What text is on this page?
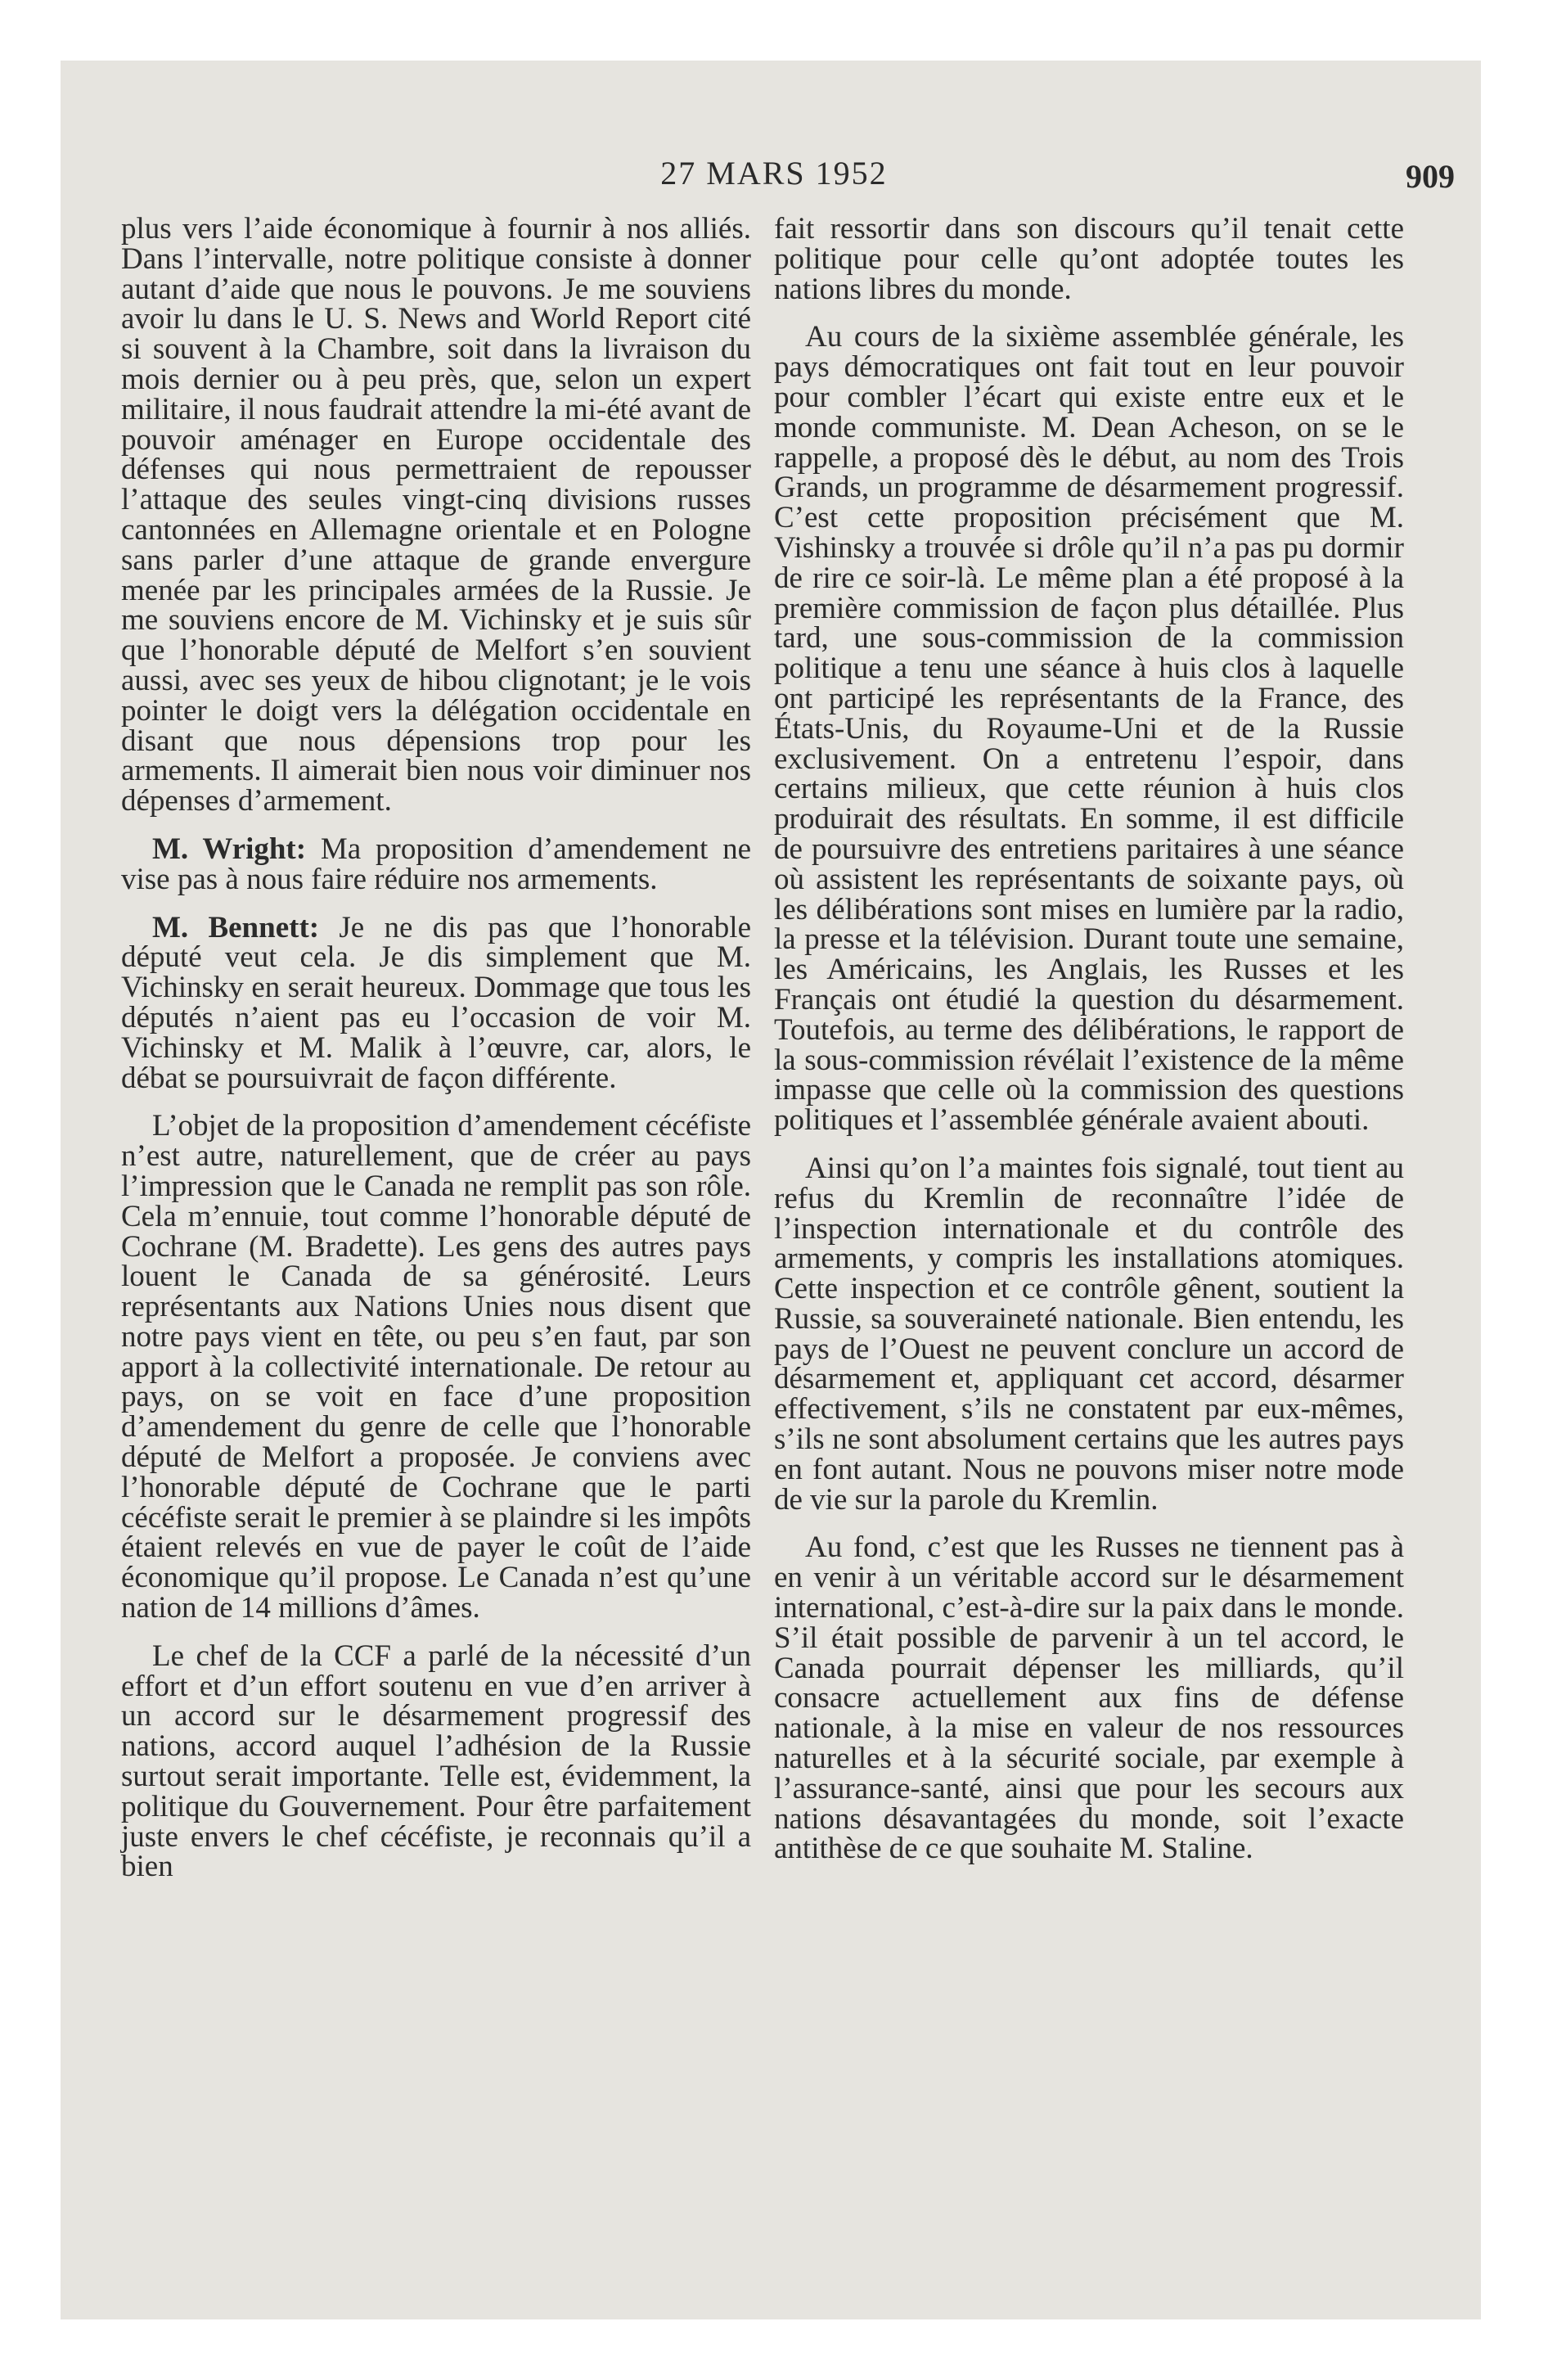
27 MARS 1952	909

plus vers l’aide économique à fournir à nos alliés. Dans l’intervalle, notre politique consiste à donner autant d’aide que nous le pouvons. Je me souviens avoir lu dans le U. S. News and World Report cité si souvent à la Chambre, soit dans la livraison du mois dernier ou à peu près, que, selon un expert militaire, il nous faudrait attendre la mi-été avant de pouvoir aménager en Europe occidentale des défenses qui nous permettraient de repousser l’attaque des seules vingt-cinq divisions russes cantonnées en Allemagne orientale et en Pologne sans parler d’une attaque de grande envergure menée par les principales armées de la Russie. Je me souviens encore de M. Vichinsky et je suis sûr que l’honorable député de Melfort s’en souvient aussi, avec ses yeux de hibou clignotant; je le vois pointer le doigt vers la délégation occidentale en disant que nous dépensions trop pour les armements. Il aimerait bien nous voir diminuer nos dépenses d’armement.

M. Wright: Ma proposition d’amendement ne vise pas à nous faire réduire nos armements.

M. Bennett: Je ne dis pas que l’honorable député veut cela. Je dis simplement que M. Vichinsky en serait heureux. Dommage que tous les députés n’aient pas eu l’occasion de voir M. Vichinsky et M. Malik à l’œuvre, car, alors, le débat se poursuivrait de façon différente.

L’objet de la proposition d’amendement cécéfiste n’est autre, naturellement, que de créer au pays l’impression que le Canada ne remplit pas son rôle. Cela m’ennuie, tout comme l’honorable député de Cochrane (M. Bradette). Les gens des autres pays louent le Canada de sa générosité. Leurs représentants aux Nations Unies nous disent que notre pays vient en tête, ou peu s’en faut, par son apport à la collectivité internationale. De retour au pays, on se voit en face d’une proposition d’amendement du genre de celle que l’honorable député de Melfort a proposée. Je conviens avec l’honorable député de Cochrane que le parti cécéfiste serait le premier à se plaindre si les impôts étaient relevés en vue de payer le coût de l’aide économique qu’il propose. Le Canada n’est qu’une nation de 14 millions d’âmes.

Le chef de la CCF a parlé de la nécessité d’un effort et d’un effort soutenu en vue d’en arriver à un accord sur le désarmement progressif des nations, accord auquel l’adhésion de la Russie surtout serait importante. Telle est, évidemment, la politique du Gouvernement. Pour être parfaitement juste envers le chef cécéfiste, je reconnais qu’il a bien

fait ressortir dans son discours qu’il tenait cette politique pour celle qu’ont adoptée toutes les nations libres du monde.

Au cours de la sixième assemblée générale, les pays démocratiques ont fait tout en leur pouvoir pour combler l’écart qui existe entre eux et le monde communiste. M. Dean Acheson, on se le rappelle, a proposé dès le début, au nom des Trois Grands, un programme de désarmement progressif. C’est cette proposition précisément que M. Vishinsky a trouvée si drôle qu’il n’a pas pu dormir de rire ce soir-là. Le même plan a été proposé à la première commission de façon plus détaillée. Plus tard, une sous-commission de la commission politique a tenu une séance à huis clos à laquelle ont participé les représentants de la France, des États-Unis, du Royaume-Uni et de la Russie exclusivement. On a entretenu l’espoir, dans certains milieux, que cette réunion à huis clos produirait des résultats. En somme, il est difficile de poursuivre des entretiens paritaires à une séance où assistent les représentants de soixante pays, où les délibérations sont mises en lumière par la radio, la presse et la télévision. Durant toute une semaine, les Américains, les Anglais, les Russes et les Français ont étudié la question du désarmement. Toutefois, au terme des délibérations, le rapport de la sous-commission révélait l’existence de la même impasse que celle où la commission des questions politiques et l’assemblée générale avaient abouti.

Ainsi qu’on l’a maintes fois signalé, tout tient au refus du Kremlin de reconnaître l’idée de l’inspection internationale et du contrôle des armements, y compris les installations atomiques. Cette inspection et ce contrôle gênent, soutient la Russie, sa souveraineté nationale. Bien entendu, les pays de l’Ouest ne peuvent conclure un accord de désarmement et, appliquant cet accord, désarmer effectivement, s’ils ne constatent par eux-mêmes, s’ils ne sont absolument certains que les autres pays en font autant. Nous ne pouvons miser notre mode de vie sur la parole du Kremlin.

Au fond, c’est que les Russes ne tiennent pas à en venir à un véritable accord sur le désarmement international, c’est-à-dire sur la paix dans le monde. S’il était possible de parvenir à un tel accord, le Canada pourrait dépenser les milliards, qu’il consacre actuellement aux fins de défense nationale, à la mise en valeur de nos ressources naturelles et à la sécurité sociale, par exemple à l’assurance-santé, ainsi que pour les secours aux nations désavantagées du monde, soit l’exacte antithèse de ce que souhaite M. Staline.
